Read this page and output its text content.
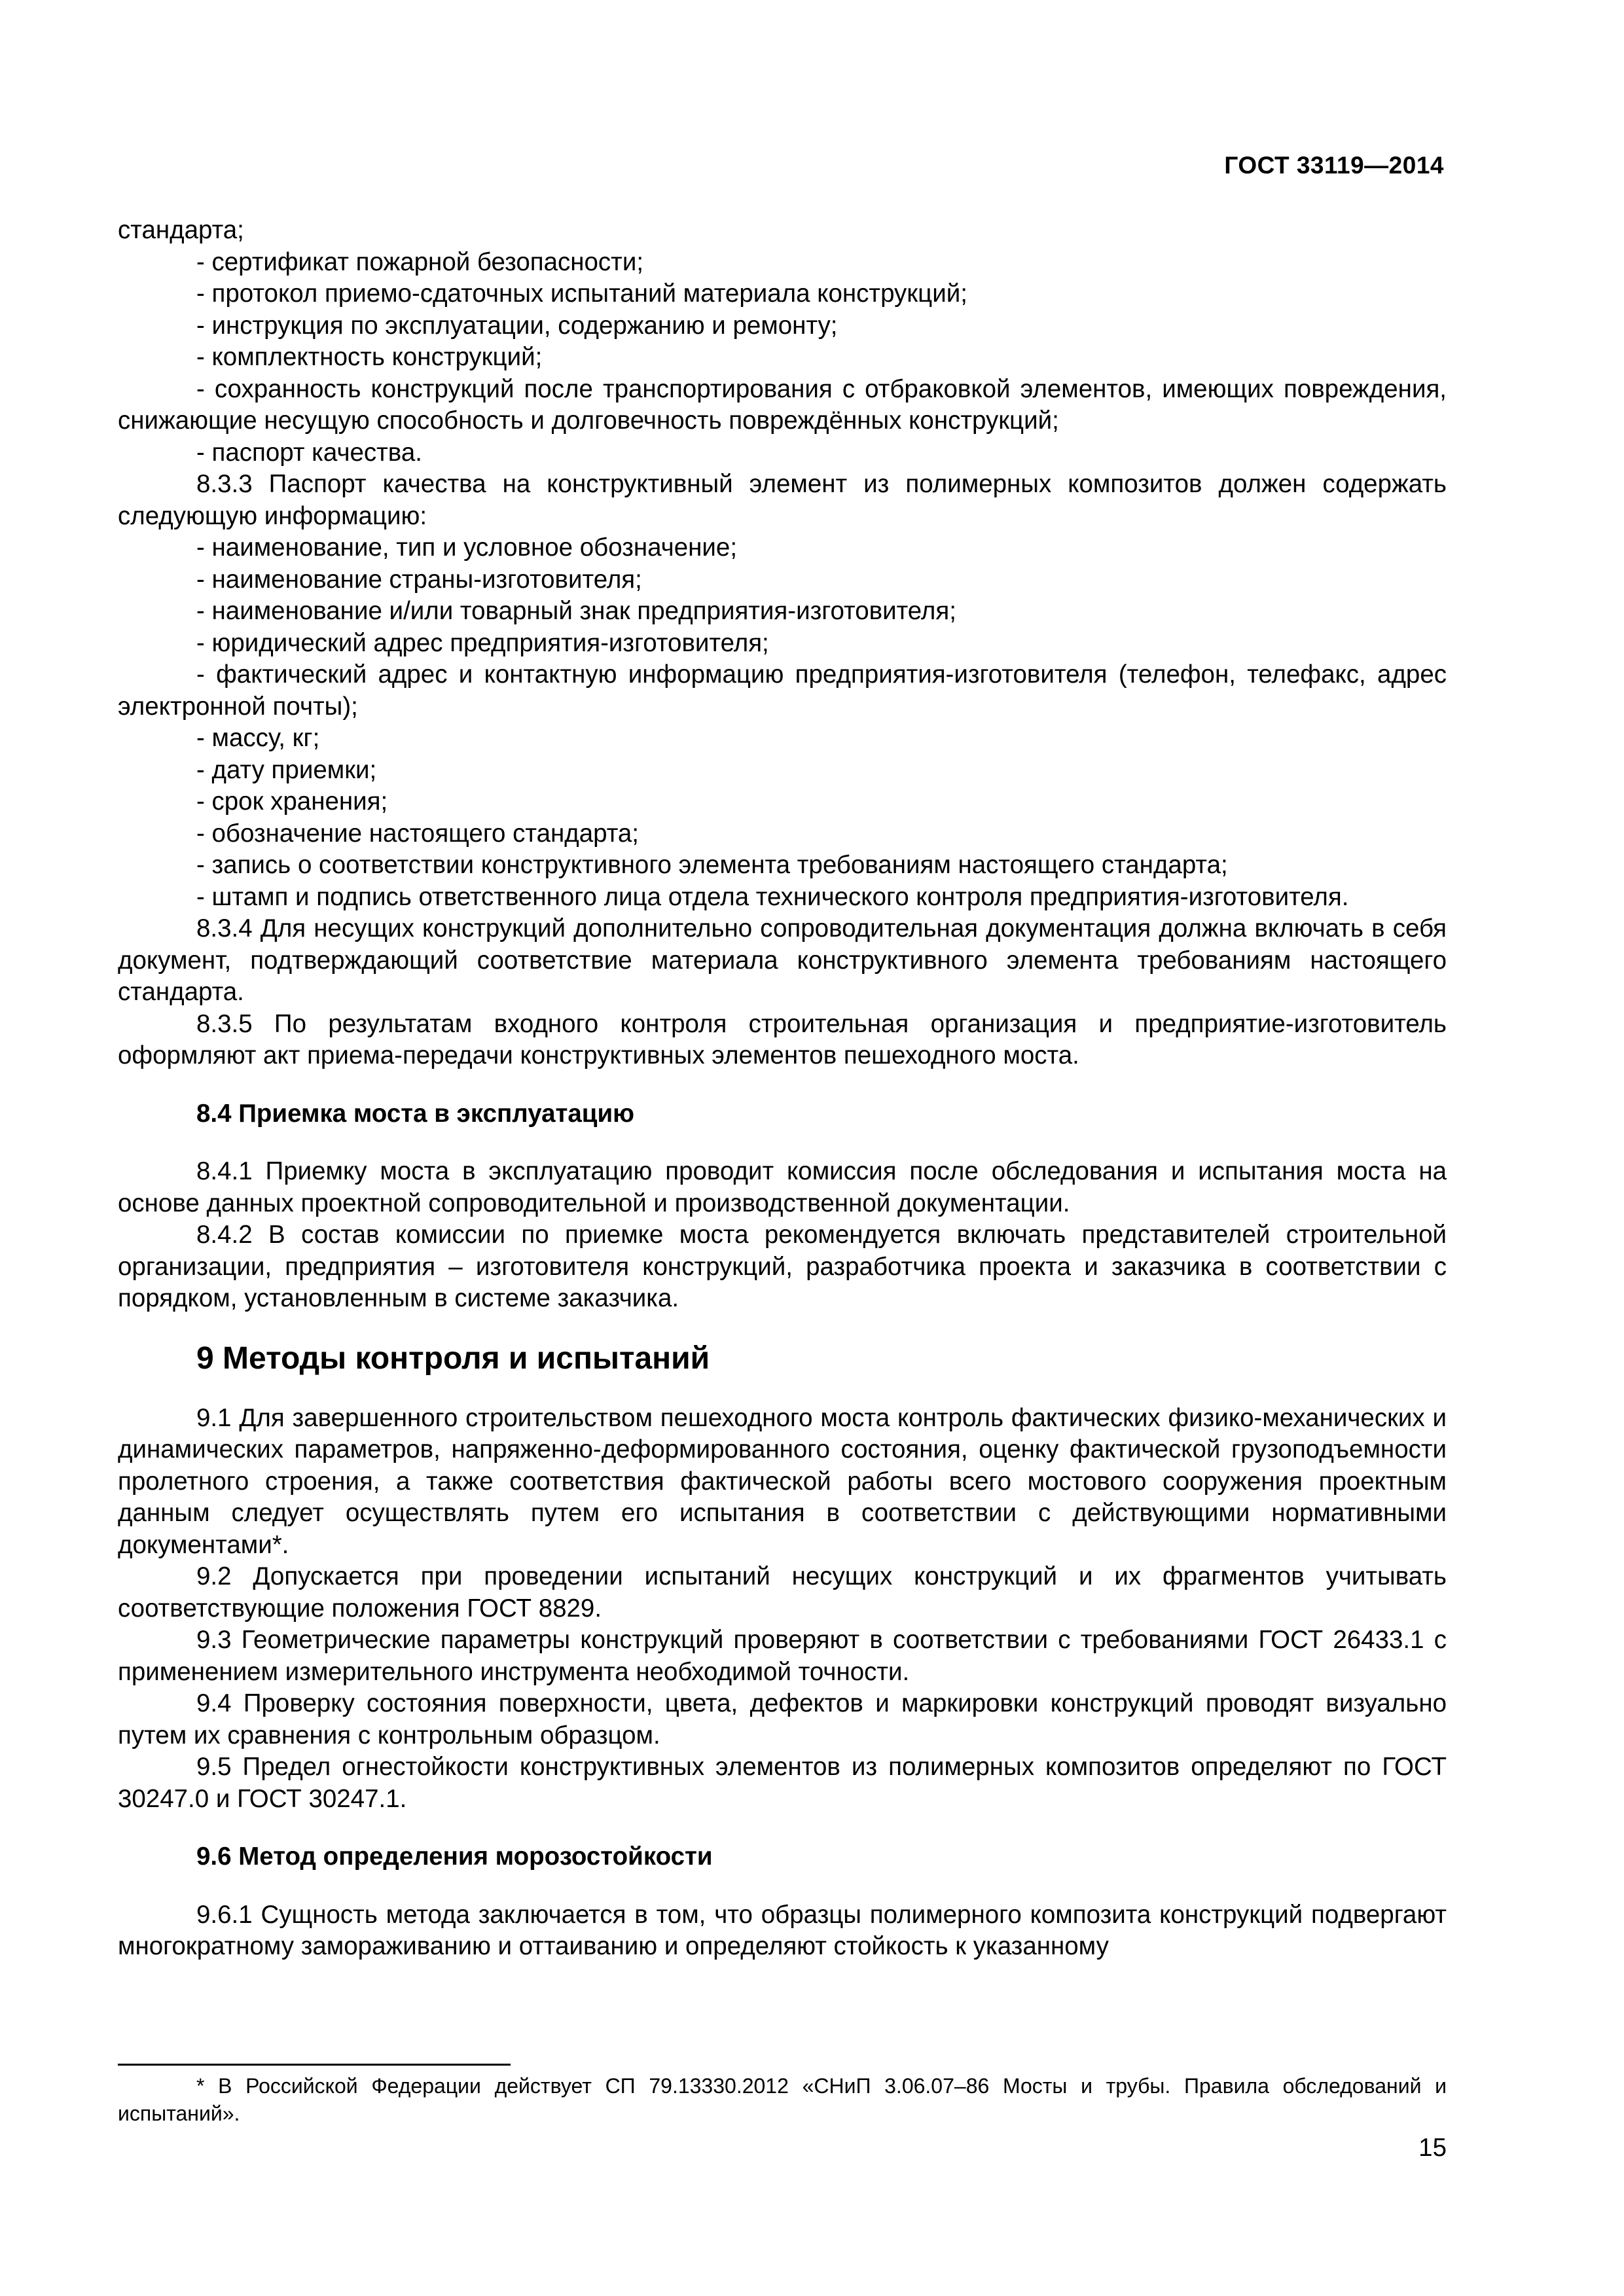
ГОСТ 33119—2014

стандарта;

- сертификат пожарной безопасности;

- протокол приемо-сдаточных испытаний материала конструкций;

- инструкция по эксплуатации, содержанию и ремонту;

- комплектность конструкций;

- сохранность конструкций после транспортирования с отбраковкой элементов, имеющих повреждения, снижающие несущую способность и долговечность повреждённых конструкций;

- паспорт качества.

8.3.3 Паспорт качества на конструктивный элемент из полимерных композитов должен содержать следующую информацию:

- наименование, тип и условное обозначение;

- наименование страны-изготовителя;

- наименование и/или товарный знак предприятия-изготовителя;

- юридический адрес предприятия-изготовителя;

- фактический адрес и контактную информацию предприятия-изготовителя (телефон, телефакс, адрес электронной почты);

- массу, кг;

- дату приемки;

- срок хранения;

- обозначение настоящего стандарта;

- запись о соответствии конструктивного элемента требованиям настоящего стандарта;

- штамп и подпись ответственного лица отдела технического контроля предприятия-изготовителя.

8.3.4 Для несущих конструкций дополнительно сопроводительная документация должна включать в себя документ, подтверждающий соответствие материала конструктивного элемента требованиям настоящего стандарта.

8.3.5 По результатам входного контроля строительная организация и предприятие-изготовитель оформляют акт приема-передачи конструктивных элементов пешеходного моста.

8.4 Приемка моста в эксплуатацию

8.4.1 Приемку моста в эксплуатацию проводит комиссия после обследования и испытания моста на основе данных проектной сопроводительной и производственной документации.

8.4.2 В состав комиссии по приемке моста рекомендуется включать представителей строительной организации, предприятия – изготовителя конструкций, разработчика проекта и заказчика в соответствии с порядком, установленным в системе заказчика.

9 Методы контроля и испытаний

9.1 Для завершенного строительством пешеходного моста контроль фактических физико-механических и динамических параметров, напряженно-деформированного состояния, оценку фактической грузоподъемности пролетного строения, а также соответствия фактической работы всего мостового сооружения проектным данным следует осуществлять путем его испытания в соответствии с действующими нормативными документами*.

9.2 Допускается при проведении испытаний несущих конструкций и их фрагментов учитывать соответствующие положения ГОСТ 8829.

9.3 Геометрические параметры конструкций проверяют в соответствии с требованиями ГОСТ 26433.1 с применением измерительного инструмента необходимой точности.

9.4 Проверку состояния поверхности, цвета, дефектов и маркировки конструкций проводят визуально путем их сравнения с контрольным образцом.

9.5 Предел огнестойкости конструктивных элементов из полимерных композитов определяют по ГОСТ 30247.0 и ГОСТ 30247.1.

9.6 Метод определения морозостойкости

9.6.1 Сущность метода заключается в том, что образцы полимерного композита конструкций подвергают многократному замораживанию и оттаиванию и определяют стойкость к указанному

* В Российской Федерации действует СП 79.13330.2012 «СНиП 3.06.07–86 Мосты и трубы. Правила обследований и испытаний».

15
